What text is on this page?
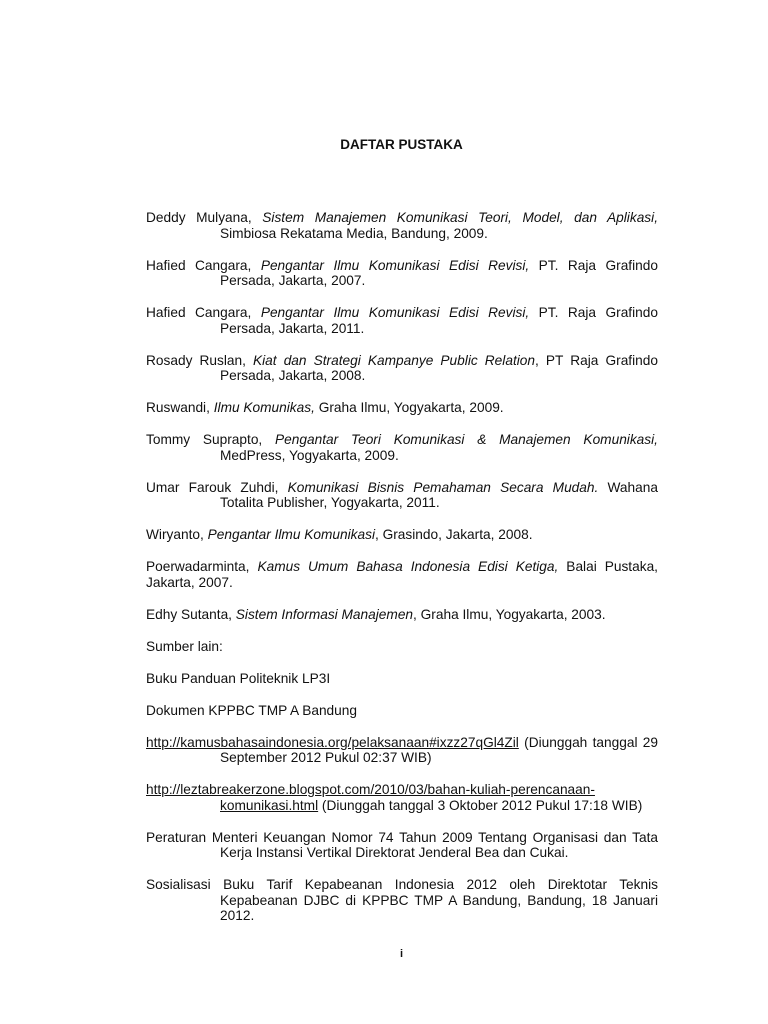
DAFTAR PUSTAKA

Deddy Mulyana, Sistem Manajemen Komunikasi Teori, Model, dan Aplikasi, Simbiosa Rekatama Media, Bandung, 2009.

Hafied Cangara, Pengantar Ilmu Komunikasi Edisi Revisi, PT. Raja Grafindo Persada, Jakarta, 2007.

Hafied Cangara, Pengantar Ilmu Komunikasi Edisi Revisi, PT. Raja Grafindo Persada, Jakarta, 2011.

Rosady Ruslan, Kiat dan Strategi Kampanye Public Relation, PT Raja Grafindo Persada, Jakarta, 2008.

Ruswandi, Ilmu Komunikas, Graha Ilmu, Yogyakarta, 2009.

Tommy Suprapto, Pengantar Teori Komunikasi & Manajemen Komunikasi, MedPress, Yogyakarta, 2009.

Umar Farouk Zuhdi, Komunikasi Bisnis Pemahaman Secara Mudah. Wahana Totalita Publisher, Yogyakarta, 2011.

Wiryanto, Pengantar Ilmu Komunikasi, Grasindo, Jakarta, 2008.

Poerwadarminta, Kamus Umum Bahasa Indonesia Edisi Ketiga, Balai Pustaka, Jakarta, 2007.

Edhy Sutanta, Sistem Informasi Manajemen, Graha Ilmu, Yogyakarta, 2003.

Sumber lain:

Buku Panduan Politeknik LP3I

Dokumen KPPBC TMP A Bandung

http://kamusbahasaindonesia.org/pelaksanaan#ixzz27qGl4Zil (Diunggah tanggal 29 September 2012 Pukul 02:37 WIB)

http://leztabreakerzone.blogspot.com/2010/03/bahan-kuliah-perencanaan-komunikasi.html (Diunggah tanggal 3 Oktober 2012 Pukul 17:18 WIB)

Peraturan Menteri Keuangan Nomor 74 Tahun 2009 Tentang Organisasi dan Tata Kerja Instansi Vertikal Direktorat Jenderal Bea dan Cukai.

Sosialisasi Buku Tarif Kepabeanan Indonesia 2012 oleh Direktotar Teknis Kepabeanan DJBC di KPPBC TMP A Bandung, Bandung, 18 Januari 2012.

i
